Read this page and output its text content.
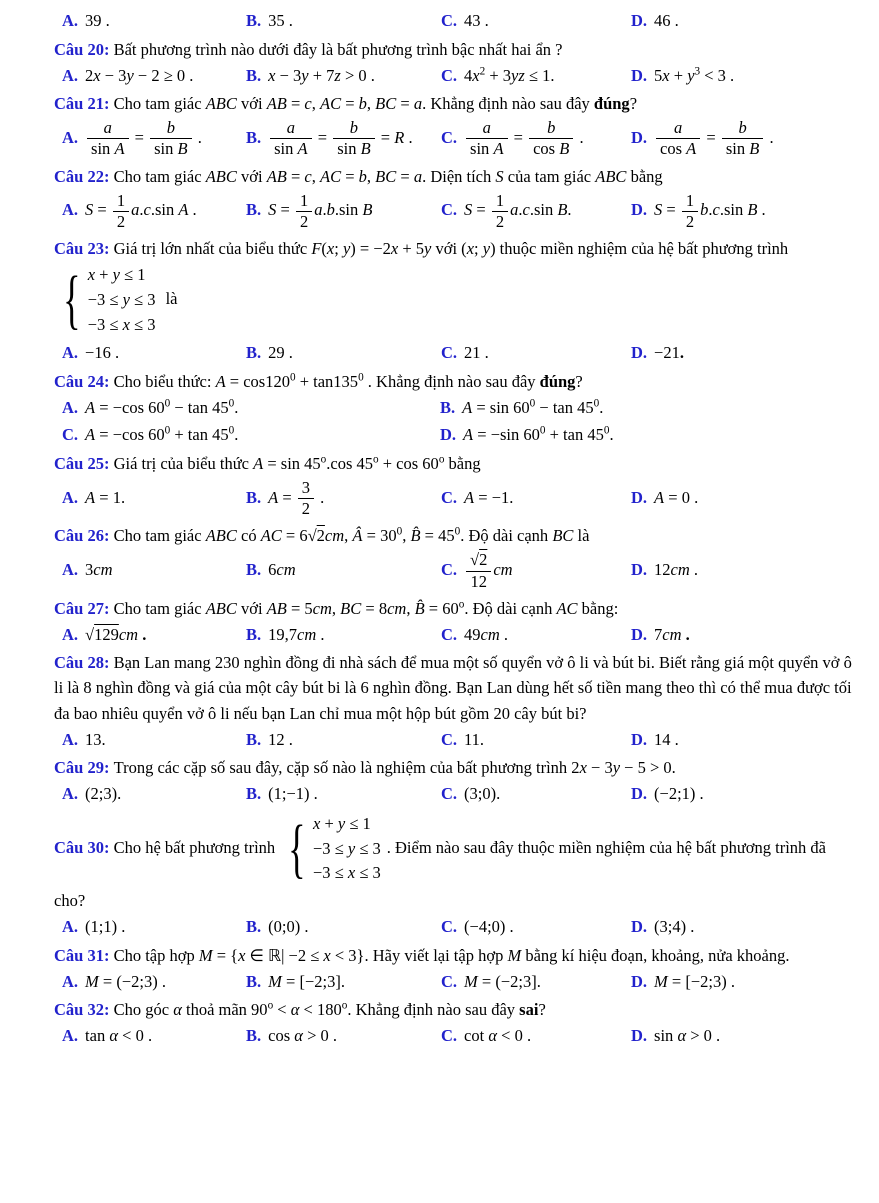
A. 39 .	B. 35 .	C. 43 .	D. 46 .
Câu 20: Bất phương trình nào dưới đây là bất phương trình bậc nhất hai ẩn ?
A. 2x − 3y − 2 ≥ 0 .	B. x − 3y + 7z > 0 .	C. $4x^2 + 3yz \le 1$.	D. $5x + y^3 < 3$ .
Câu 21: Cho tam giác ABC với AB = c, AC = b, BC = a. Khẳng định nào sau đây đúng?
A. $\frac{a}{\text{sin A}} = \frac{b}{\text{sin B}}$ .	B. $\frac{a}{\text{sin A}} = \frac{b}{\text{sin B}} = R$ .	C. $\frac{a}{\text{sin A}} = \frac{b}{\text{cos B}}$ .	D. $\frac{a}{\text{cos A}} = \frac{b}{\text{sin B}}$ .
Câu 22: Cho tam giác ABC với AB = c, AC = b, BC = a. Diện tích S của tam giác ABC bằng
A. $S = \frac{1}{2} a.c.\sin$ A .	B. $S = \frac{1}{2} a.b.\sin$ B	C. $S = \frac{1}{2} a.c.\sin$ B.	D. $S = \frac{1}{2} b.c.\sin$ B .
Câu 23: Giá trị lớn nhất của biểu thức F(x; y) = −2x + 5y với (x; y) thuộc miền nghiệm của hệ bất phương trình
{ x + y ≤ 1
−3 ≤ y ≤ 3
−3 ≤ x ≤ 3
là
A. −16 .	B. 29 .	C. 21 .	D. −21.
Câu 24: Cho biểu thức: $A = \cos 120^0 + \tan 135^0$ . Khẳng định nào sau đây đúng?
A. A = −cos $60^0 - \tan 45^0$.	B. $A = \sin 60^0 - \tan 45^0$.
C. A = −cos $60^0 + \tan 45^0$.	D. A = −sin $60^0 + \tan 45^0$.
Câu 25: Giá trị của biểu thức A = sin 45$^o$.cos $45^o + \cos 60^o$ bằng
A. A = 1.	B. $A = \frac{3}{2}$ .	C. A = −1.	D. A = 0 .
Câu 26: Cho tam giác ABC có AC = 6√2cm, Â = $30^0$, B̂ = $45^0$. Độ dài cạnh BC là
A. 3cm	B. 6cm	C. $\frac{√2}{12}$ cm	D. 12cm .
Câu 27: Cho tam giác ABC với AB = 5cm, BC = 8cm, B̂ = $60^o$. Độ dài cạnh AC bằng:
A. √129cm .	B. 19,7cm .	C. 49cm .	D. 7cm .
Câu 28: Bạn Lan mang 230 nghìn đồng đi nhà sách để mua một số quyển vở ô li và bút bi. Biết rằng giá một quyển vở ô li là 8 nghìn đồng và giá của một cây bút bi là 6 nghìn đồng. Bạn Lan dùng hết số tiền mang theo thì có thể mua được tối đa bao nhiêu quyển vở ô li nếu bạn Lan chỉ mua một hộp bút gồm 20 cây bút bi?
A. 13.	B. 12 .	C. 11.	D. 14 .
Câu 29: Trong các cặp số sau đây, cặp số nào là nghiệm của bất phương trình 2x − 3y − 5 > 0.
A. (2;3).	B. (1;−1) .	C. (3;0).	D. (−2;1) .
Câu 30: Cho hệ bất phương trình { x + y ≤ 1
−3 ≤ y ≤ 3
−3 ≤ x ≤ 3
. Điểm nào sau đây thuộc miền nghiệm của hệ bất phương trình đã cho?
A. (1;1) .	B. (0;0) .	C. (−4;0) .	D. (3;4) .
Câu 31: Cho tập hợp M = {x ∈ ℝ| −2 ≤ x < 3}. Hãy viết lại tập hợp M bằng kí hiệu đoạn, khoảng, nửa khoảng.
A. M = (−2;3) .	B. M = [−2;3].	C. M = (−2;3].	D. M = [−2;3) .
Câu 32: Cho góc α thoả mãn $90^o < \alpha < 180^o$. Khẳng định nào sau đây sai?
A. tan α < 0 .	B. cos α > 0 .	C. cot α < 0 .	D. sin α > 0 .
